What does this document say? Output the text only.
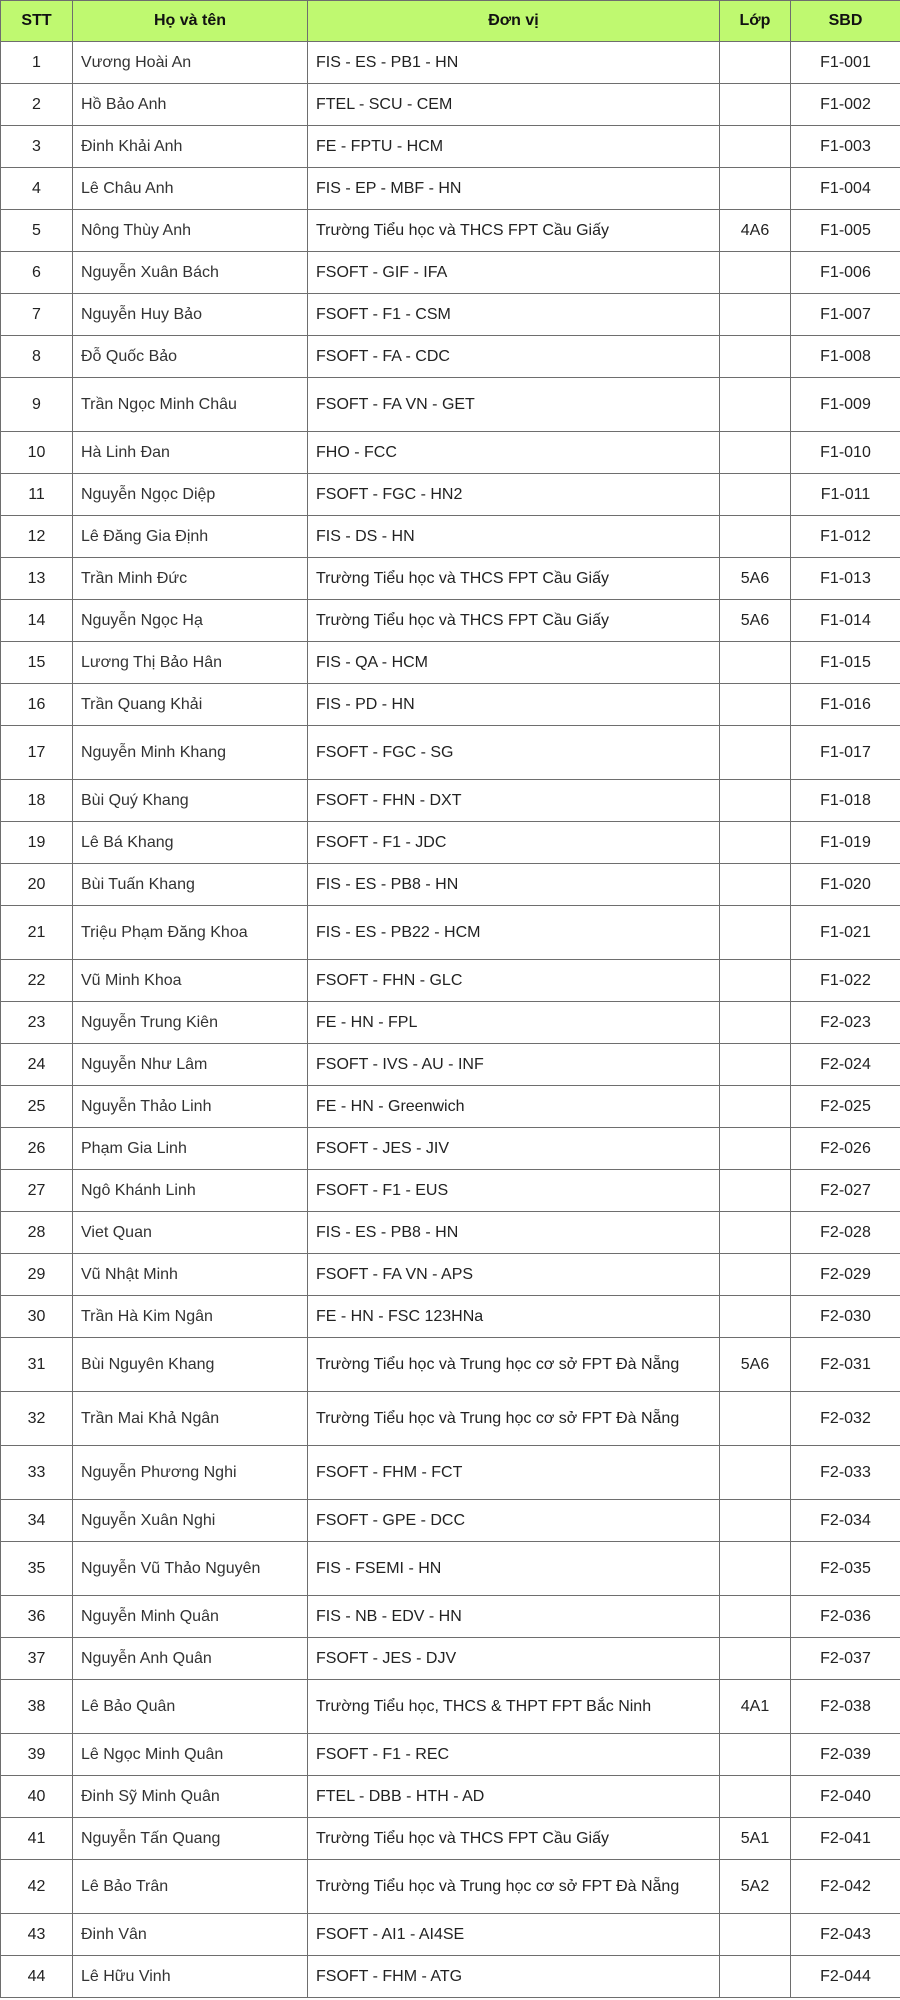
STT	Họ và tên	Đơn vị	Lớp	SBD
1	Vương Hoài An	FIS - ES - PB1 - HN		F1-001
2	Hồ Bảo Anh	FTEL - SCU - CEM		F1-002
3	Đinh Khải Anh	FE - FPTU - HCM		F1-003
4	Lê Châu Anh	FIS - EP - MBF - HN		F1-004
5	Nông Thùy Anh	Trường Tiểu học và THCS FPT Cầu Giấy	4A6	F1-005
6	Nguyễn Xuân Bách	FSOFT - GIF - IFA		F1-006
7	Nguyễn Huy Bảo	FSOFT - F1 - CSM		F1-007
8	Đỗ Quốc Bảo	FSOFT - FA - CDC		F1-008
9	Trần Ngọc Minh Châu	FSOFT - FA VN - GET		F1-009
10	Hà Linh Đan	FHO - FCC		F1-010
11	Nguyễn Ngọc Diệp	FSOFT - FGC - HN2		F1-011
12	Lê Đăng Gia Định	FIS - DS - HN		F1-012
13	Trần Minh Đức	Trường Tiểu học và THCS FPT Cầu Giấy	5A6	F1-013
14	Nguyễn Ngọc Hạ	Trường Tiểu học và THCS FPT Cầu Giấy	5A6	F1-014
15	Lương Thị Bảo Hân	FIS - QA - HCM		F1-015
16	Trần Quang Khải	FIS - PD - HN		F1-016
17	Nguyễn Minh Khang	FSOFT - FGC - SG		F1-017
18	Bùi Quý Khang	FSOFT - FHN - DXT		F1-018
19	Lê Bá Khang	FSOFT - F1 - JDC		F1-019
20	Bùi Tuấn Khang	FIS - ES - PB8 - HN		F1-020
21	Triệu Phạm Đăng Khoa	FIS - ES - PB22 - HCM		F1-021
22	Vũ Minh Khoa	FSOFT - FHN - GLC		F1-022
23	Nguyễn Trung Kiên	FE - HN - FPL		F2-023
24	Nguyễn Như Lâm	FSOFT - IVS - AU - INF		F2-024
25	Nguyễn Thảo Linh	FE - HN - Greenwich		F2-025
26	Phạm Gia Linh	FSOFT - JES - JIV		F2-026
27	Ngô Khánh Linh	FSOFT - F1 - EUS		F2-027
28	Viet Quan	FIS - ES - PB8 - HN		F2-028
29	Vũ Nhật Minh	FSOFT - FA VN - APS		F2-029
30	Trần Hà Kim Ngân	FE - HN - FSC 123HNa		F2-030
31	Bùi Nguyên Khang	Trường Tiểu học và Trung học cơ sở FPT Đà Nẵng	5A6	F2-031
32	Trần Mai Khả Ngân	Trường Tiểu học và Trung học cơ sở FPT Đà Nẵng		F2-032
33	Nguyễn Phương Nghi	FSOFT - FHM - FCT		F2-033
34	Nguyễn Xuân Nghi	FSOFT - GPE - DCC		F2-034
35	Nguyễn Vũ Thảo Nguyên	FIS - FSEMI - HN		F2-035
36	Nguyễn Minh Quân	FIS - NB - EDV - HN		F2-036
37	Nguyễn Anh Quân	FSOFT - JES - DJV		F2-037
38	Lê Bảo Quân	Trường Tiểu học, THCS & THPT FPT Bắc Ninh	4A1	F2-038
39	Lê Ngọc Minh Quân	FSOFT - F1 - REC		F2-039
40	Đinh Sỹ Minh Quân	FTEL - DBB - HTH - AD		F2-040
41	Nguyễn Tấn Quang	Trường Tiểu học và THCS FPT Cầu Giấy	5A1	F2-041
42	Lê Bảo Trân	Trường Tiểu học và Trung học cơ sở FPT Đà Nẵng	5A2	F2-042
43	Đinh Vân	FSOFT - AI1 - AI4SE		F2-043
44	Lê Hữu Vinh	FSOFT - FHM - ATG		F2-044
